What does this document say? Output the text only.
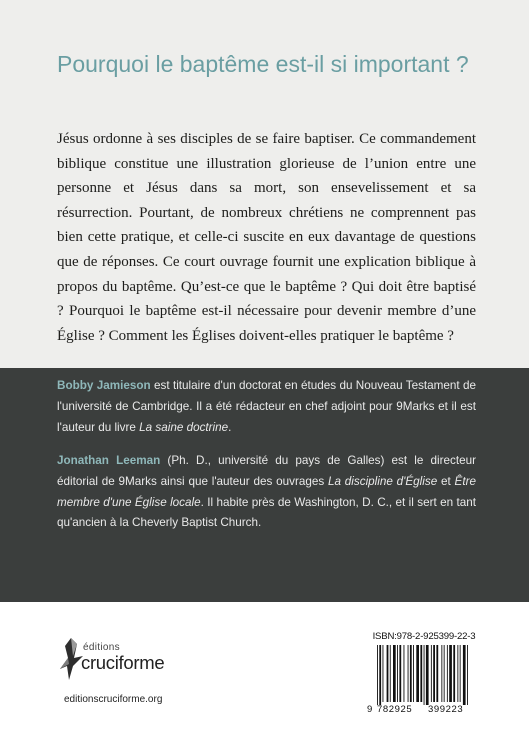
Pourquoi le baptême est-il si important ?

Jésus ordonne à ses disciples de se faire baptiser. Ce commandement biblique constitue une illustration glorieuse de l’union entre une personne et Jésus dans sa mort, son ensevelissement et sa résurrection. Pourtant, de nombreux chrétiens ne comprennent pas bien cette pratique, et celle-ci suscite en eux davantage de questions que de réponses. Ce court ouvrage fournit une explication biblique à propos du baptême. Qu’est-ce que le baptême ? Qui doit être baptisé ? Pourquoi le baptême est-il nécessaire pour devenir membre d’une Église ? Comment les Églises doivent-elles pratiquer le baptême ?

Bobby Jamieson est titulaire d'un doctorat en études du Nouveau Testament de l'université de Cambridge. Il a été rédacteur en chef adjoint pour 9Marks et il est l'auteur du livre La saine doctrine.

Jonathan Leeman (Ph. D., université du pays de Galles) est le directeur éditorial de 9Marks ainsi que l'auteur des ouvrages La discipline d'Église et Être membre d'une Église locale. Il habite près de Washington, D. C., et il sert en tant qu'ancien à la Cheverly Baptist Church.

éditions
cruciforme
editionscruciforme.org
ISBN:978-2-925399-22-3
9 782925 399223
